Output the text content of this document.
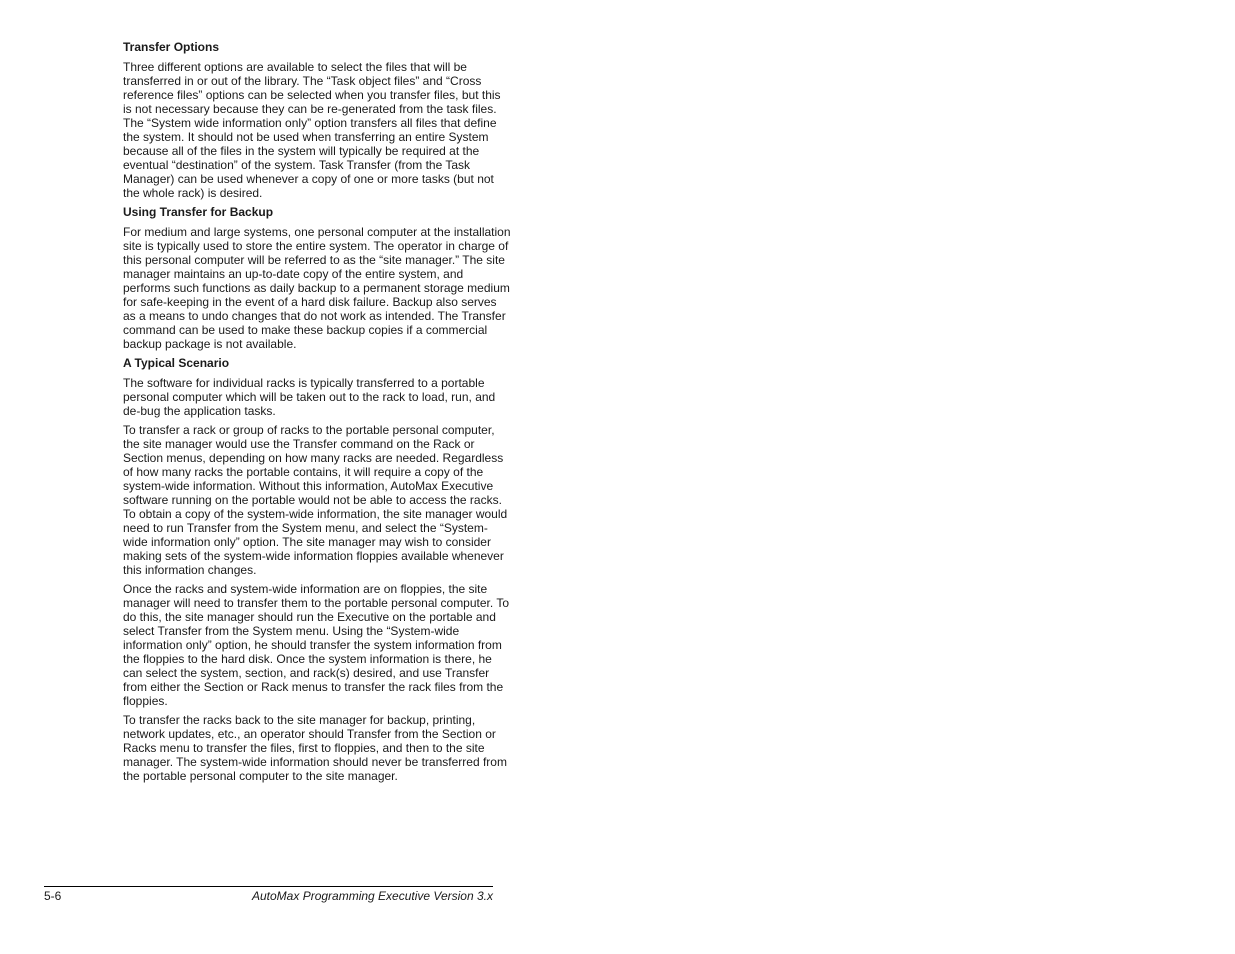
Transfer Options

Three different options are available to select the files that will be transferred in or out of the library. The “Task object files” and “Cross reference files” options can be selected when you transfer files, but this is not necessary because they can be re-generated from the task files. The “System wide information only” option transfers all files that define the system. It should not be used when transferring an entire System because all of the files in the system will typically be required at the eventual “destination” of the system. Task Transfer (from the Task Manager) can be used whenever a copy of one or more tasks (but not the whole rack) is desired.

Using Transfer for Backup

For medium and large systems, one personal computer at the installation site is typically used to store the entire system. The operator in charge of this personal computer will be referred to as the “site manager.” The site manager maintains an up-to-date copy of the entire system, and performs such functions as daily backup to a permanent storage medium for safe-keeping in the event of a hard disk failure. Backup also serves as a means to undo changes that do not work as intended. The Transfer command can be used to make these backup copies if a commercial backup package is not available.

A Typical Scenario

The software for individual racks is typically transferred to a portable personal computer which will be taken out to the rack to load, run, and de-bug the application tasks.

To transfer a rack or group of racks to the portable personal computer, the site manager would use the Transfer command on the Rack or Section menus, depending on how many racks are needed. Regardless of how many racks the portable contains, it will require a copy of the system-wide information. Without this information, AutoMax Executive software running on the portable would not be able to access the racks. To obtain a copy of the system-wide information, the site manager would need to run Transfer from the System menu, and select the “System-wide information only” option. The site manager may wish to consider making sets of the system-wide information floppies available whenever this information changes.

Once the racks and system-wide information are on floppies, the site manager will need to transfer them to the portable personal computer. To do this, the site manager should run the Executive on the portable and select Transfer from the System menu. Using the “System-wide information only” option, he should transfer the system information from the floppies to the hard disk. Once the system information is there, he can select the system, section, and rack(s) desired, and use Transfer from either the Section or Rack menus to transfer the rack files from the floppies.

To transfer the racks back to the site manager for backup, printing, network updates, etc., an operator should Transfer from the Section or Racks menu to transfer the files, first to floppies, and then to the site manager. The system-wide information should never be transferred from the portable personal computer to the site manager.

5-6	AutoMax Programming Executive Version 3.x
